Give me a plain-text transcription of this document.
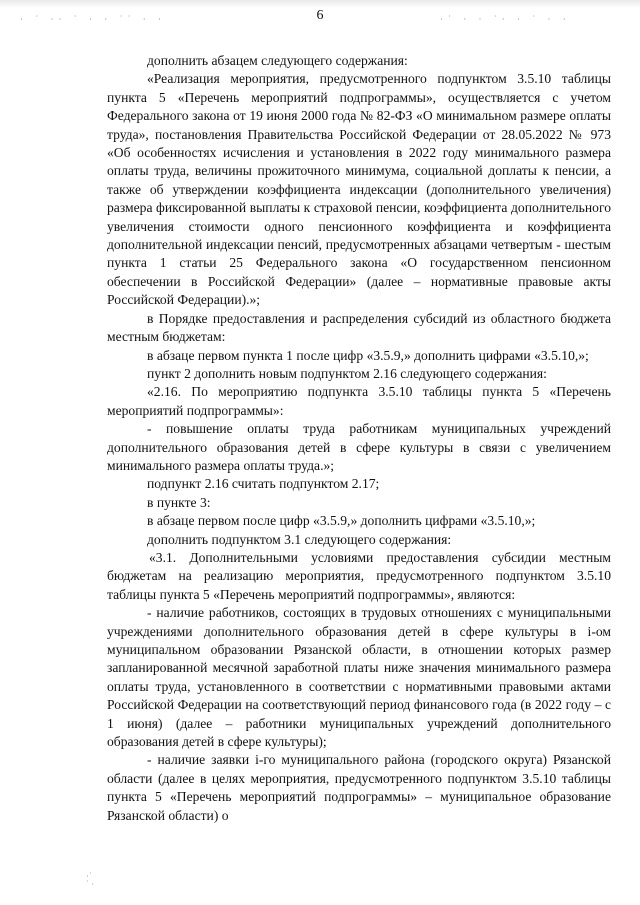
· ˙ ·· ˙ · · ˙˙ · ·	·˙ · · ˙· · ˙ · ·
6

дополнить абзацем следующего содержания:

«Реализация мероприятия, предусмотренного подпунктом 3.5.10 таблицы пункта 5 «Перечень мероприятий подпрограммы», осуществляется с учетом Федерального закона от 19 июня 2000 года № 82-ФЗ «О минимальном размере оплаты труда», постановления Правительства Российской Федерации от 28.05.2022 № 973 «Об особенностях исчисления и установления в 2022 году минимального размера оплаты труда, величины прожиточного минимума, социальной доплаты к пенсии, а также об утверждении коэффициента индексации (дополнительного увеличения) размера фиксированной выплаты к страховой пенсии, коэффициента дополнительного увеличения стоимости одного пенсионного коэффициента и коэффициента дополнительной индексации пенсий, предусмотренных абзацами четвертым - шестым пункта 1 статьи 25 Федерального закона «О государственном пенсионном обеспечении в Российской Федерации» (далее – нормативные правовые акты Российской Федерации).»;

в Порядке предоставления и распределения субсидий из областного бюджета местным бюджетам:

в абзаце первом пункта 1 после цифр «3.5.9,» дополнить цифрами «3.5.10,»;

пункт 2 дополнить новым подпунктом 2.16 следующего содержания:

«2.16. По мероприятию подпункта 3.5.10 таблицы пункта 5 «Перечень мероприятий подпрограммы»:

- повышение оплаты труда работникам муниципальных учреждений дополнительного образования детей в сфере культуры в связи с увеличением минимального размера оплаты труда.»;

подпункт 2.16 считать подпунктом 2.17;

в пункте 3:

в абзаце первом после цифр «3.5.9,» дополнить цифрами «3.5.10,»;

дополнить подпунктом 3.1 следующего содержания:

«3.1. Дополнительными условиями предоставления субсидии местным бюджетам на реализацию мероприятия, предусмотренного подпунктом 3.5.10 таблицы пункта 5 «Перечень мероприятий подпрограммы», являются:

- наличие работников, состоящих в трудовых отношениях с муниципальными учреждениями дополнительного образования детей в сфере культуры в i-ом муниципальном образовании Рязанской области, в отношении которых размер запланированной месячной заработной платы ниже значения минимального размера оплаты труда, установленного в соответствии с нормативными правовыми актами Российской Федерации на соответствующий период финансового года (в 2022 году – с 1 июня) (далее – работники муниципальных учреждений дополнительного образования детей в сфере культуры);

- наличие заявки i-го муниципального района (городского округа) Рязанской области (далее в целях мероприятия, предусмотренного подпунктом 3.5.10 таблицы пункта 5 «Перечень мероприятий подпрограммы» – муниципальное образование Рязанской области) о

·˙
˙ ·
